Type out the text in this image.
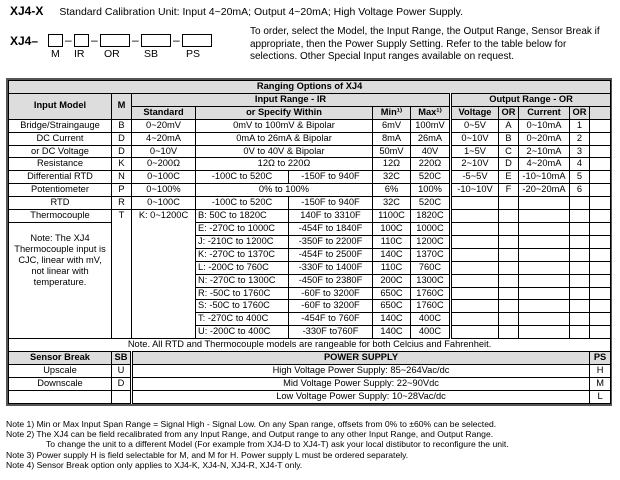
XJ4-X Standard Calibration Unit: Input 4~20mA; Output 4~20mA; High Voltage Power Supply.
XJ4– – –	–	–
M IR OR SB	PS
To order, select the Model, the Input Range, the Output Range, Sensor Break if appropriate, then the Power Supply Setting. Refer to the table below for selections. Other Special Input ranges available on request.
Ranging Options of XJ4											
Input Model	M	Input Range - IR					Output Range - OR				
		Standard	or Specify Within		Min¹⁾	Max¹⁾	Voltage	OR	Current	OR	
Bridge/Straingauge	B	0~20mV	0mV to 100mV & Bipolar		6mV	100mV	0~5V	A	0~10mA	1	
DC Current	D	4~20mA	0mA to 26mA & Bipolar		8mA	26mA	0~10V	B	0~20mA	2	
or DC Voltage	D	0~10V	0V to 40V & Bipolar		50mV	40V	1~5V	C	2~10mA	3	
Resistance	K	0~200Ω	12Ω to 220Ω		12Ω	220Ω	2~10V	D	4~20mA	4	
Differential RTD	N	0~100C	-100C to 520C	-150F to 940F	32C	520C	-5~5V	E	-10~10mA	5	
Potentiometer	P	0~100%	0% to 100%		6%	100%	-10~10V	F	-20~20mA	6	
RTD	R	0~100C	-100C to 520C	-150F to 940F	32C	520C					
Thermocouple	T	K: 0~1200C	B: 50C to 1820C	140F to 3310F	1100C	1820C					
Note: The XJ4 Thermocouple input is CJC, linear with mV, not linear with temperature.			E: -270C to 1000C	-454F to 1840F	100C	1000C					
			J: -210C to 1200C	-350F to 2200F	110C	1200C					
			K: -270C to 1370C	-454F to 2500F	140C	1370C					
			L: -200C to 760C	-330F to 1400F	110C	760C					
			N: -270C to 1300C	-450F to 2380F	200C	1300C					
			R: -50C to 1760C	-60F to 3200F	650C	1760C					
			S: -50C to 1760C	-60F to 3200F	650C	1760C					
			T: -270C to 400C	-454F to 760F	140C	400C					
			U: -200C to 400C	-330F to760F	140C	400C					
Note. All RTD and Thermocouple models are rangeable for both Celcius and Fahrenheit.											
Sensor Break	SB	POWER SUPPLY									PS
Upscale	U	High Voltage Power Supply: 85~264Vac/dc									H
Downscale	D	Mid Voltage Power Supply: 22~90Vdc									M
		Low Voltage Power Supply: 10~28Vac/dc									L
Note 1) Min or Max Input Span Range = Signal High - Signal Low. On any Span range, offsets from 0% to ±60% can be selected.
Note 2) The XJ4 can be field recalibrated from any Input Range, and Output range to any other Input Range, and Output Range.
To change the unit to a different Model (For example from XJ4-D to XJ4-T) ask your local distibutor to reconfigure the unit.
Note 3) Power supply H is field selectable for M, and M for H. Power supply L must be ordered separately.
Note 4) Sensor Break option only applies to XJ4-K, XJ4-N, XJ4-R, XJ4-T only.
